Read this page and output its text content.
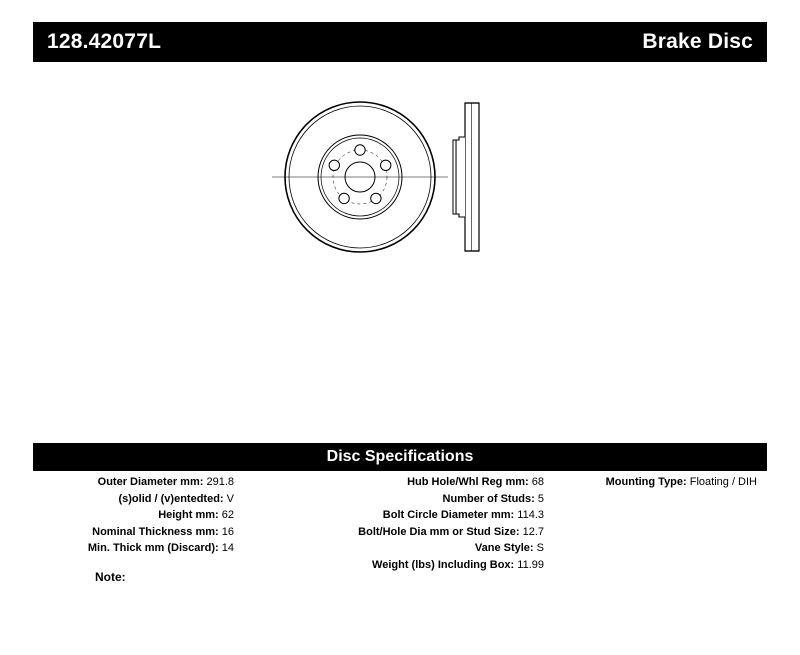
128.42077L	Brake Disc
Disc Specifications
Outer Diameter mm: 291.8
(s)olid / (v)entedted: V
Height mm: 62
Nominal Thickness mm: 16
Min. Thick mm (Discard): 14
Hub Hole/Whl Reg mm: 68
Number of Studs: 5
Bolt Circle Diameter mm: 114.3
Bolt/Hole Dia mm or Stud Size: 12.7
Vane Style: S
Weight (lbs) Including Box: 11.99
Mounting Type: Floating / DIH
Note:
